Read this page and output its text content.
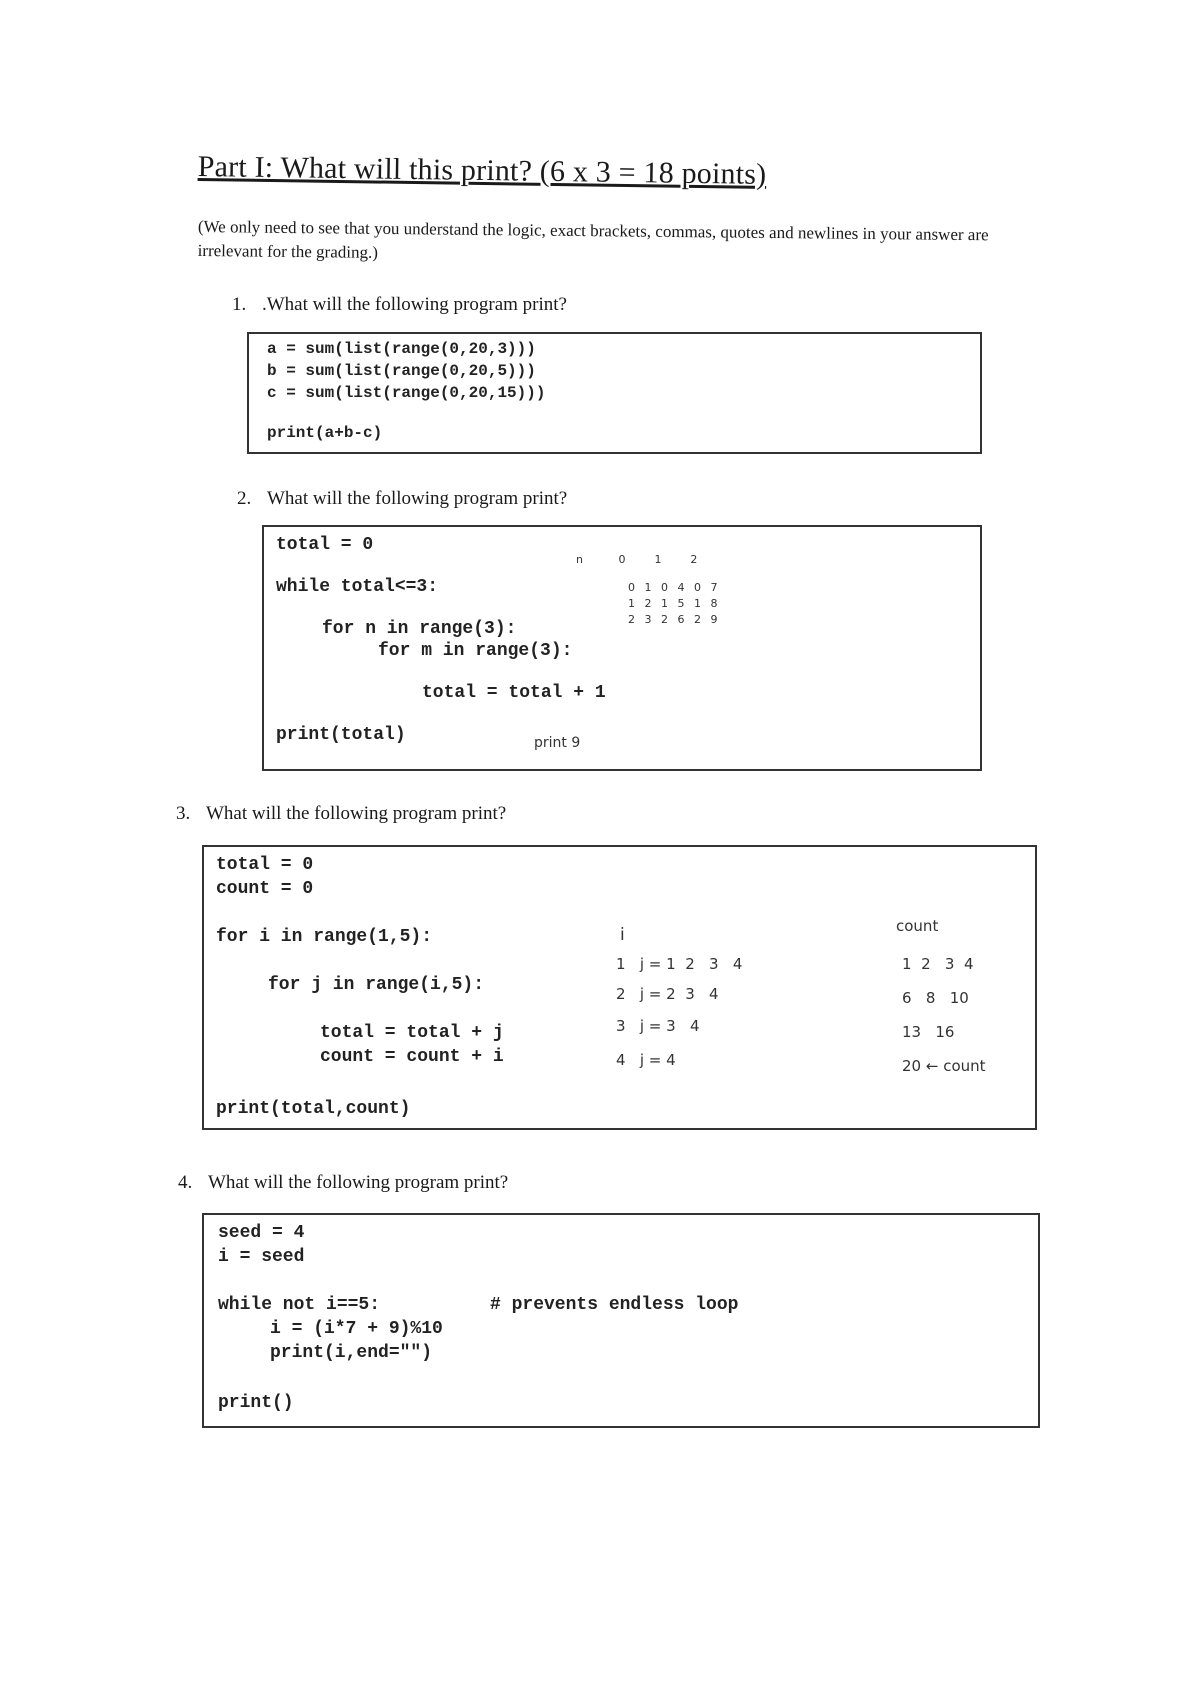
Part I: What will this print? (6 x 3 = 18 points)
(We only need to see that you understand the logic, exact brackets, commas, quotes and newlines in your answer are irrelevant for the grading.)
1. .What will the following program print?
a = sum(list(range(0,20,3)))
b = sum(list(range(0,20,5)))
c = sum(list(range(0,20,15)))
print(a+b-c)
2. What will the following program print?
total = 0
while total<=3:
for n in range(3):
for m in range(3):
total = total + 1
print(total)
n     0    1    2
0 1 0 4 0 7
1 2 1 5 1 8
2 3 2 6 2 9
print 9
3. What will the following program print?
total = 0
count = 0
for i in range(1,5):
for j in range(i,5):
total = total + j
count = count + i
print(total,count)
i
1   j = 1  2   3   4
2   j = 2  3   4
3   j = 3   4
4   j = 4
count
1  2   3  4
6   8   10
13   16
20 ← count
4. What will the following program print?
seed = 4
i = seed
while not i==5:	# prevents endless loop
i = (i*7 + 9)%10
print(i,end="")
print()
